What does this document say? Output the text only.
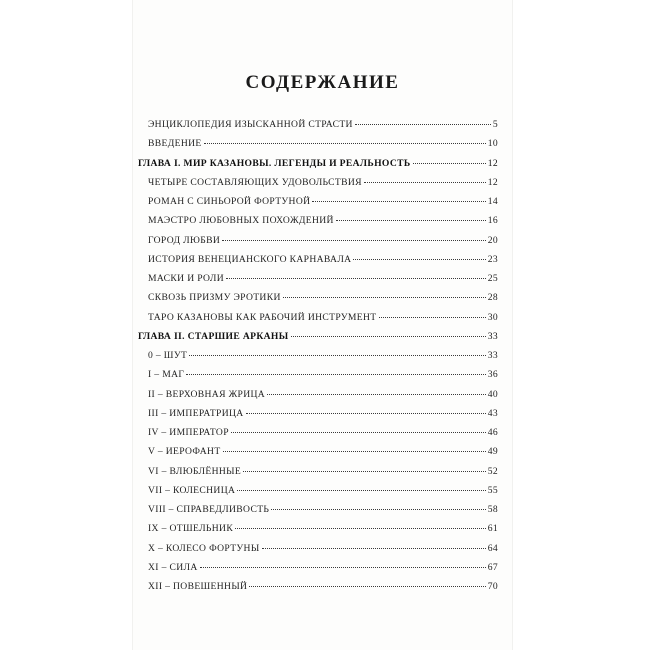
СОДЕРЖАНИЕ
ЭНЦИКЛОПЕДИЯ ИЗЫСКАННОЙ СТРАСТИ	5
ВВЕДЕНИЕ	10
ГЛАВА I. МИР КАЗАНОВЫ. ЛЕГЕНДЫ И РЕАЛЬНОСТЬ	12
ЧЕТЫРЕ СОСТАВЛЯЮЩИХ УДОВОЛЬСТВИЯ	12
РОМАН С СИНЬОРОЙ ФОРТУНОЙ	14
МАЭСТРО ЛЮБОВНЫХ ПОХОЖДЕНИЙ	16
ГОРОД ЛЮБВИ	20
ИСТОРИЯ ВЕНЕЦИАНСКОГО КАРНАВАЛА	23
МАСКИ И РОЛИ	25
СКВОЗЬ ПРИЗМУ ЭРОТИКИ	28
ТАРО КАЗАНОВЫ КАК РАБОЧИЙ ИНСТРУМЕНТ	30
ГЛАВА II. СТАРШИЕ АРКАНЫ	33
0 – ШУТ	33
I – МАГ	36
II – ВЕРХОВНАЯ ЖРИЦА	40
III – ИМПЕРАТРИЦА	43
IV – ИМПЕРАТОР	46
V – ИЕРОФАНТ	49
VI – ВЛЮБЛЁННЫЕ	52
VII – КОЛЕСНИЦА	55
VIII – СПРАВЕДЛИВОСТЬ	58
IX – ОТШЕЛЬНИК	61
X – КОЛЕСО ФОРТУНЫ	64
XI – СИЛА	67
XII – ПОВЕШЕННЫЙ	70
